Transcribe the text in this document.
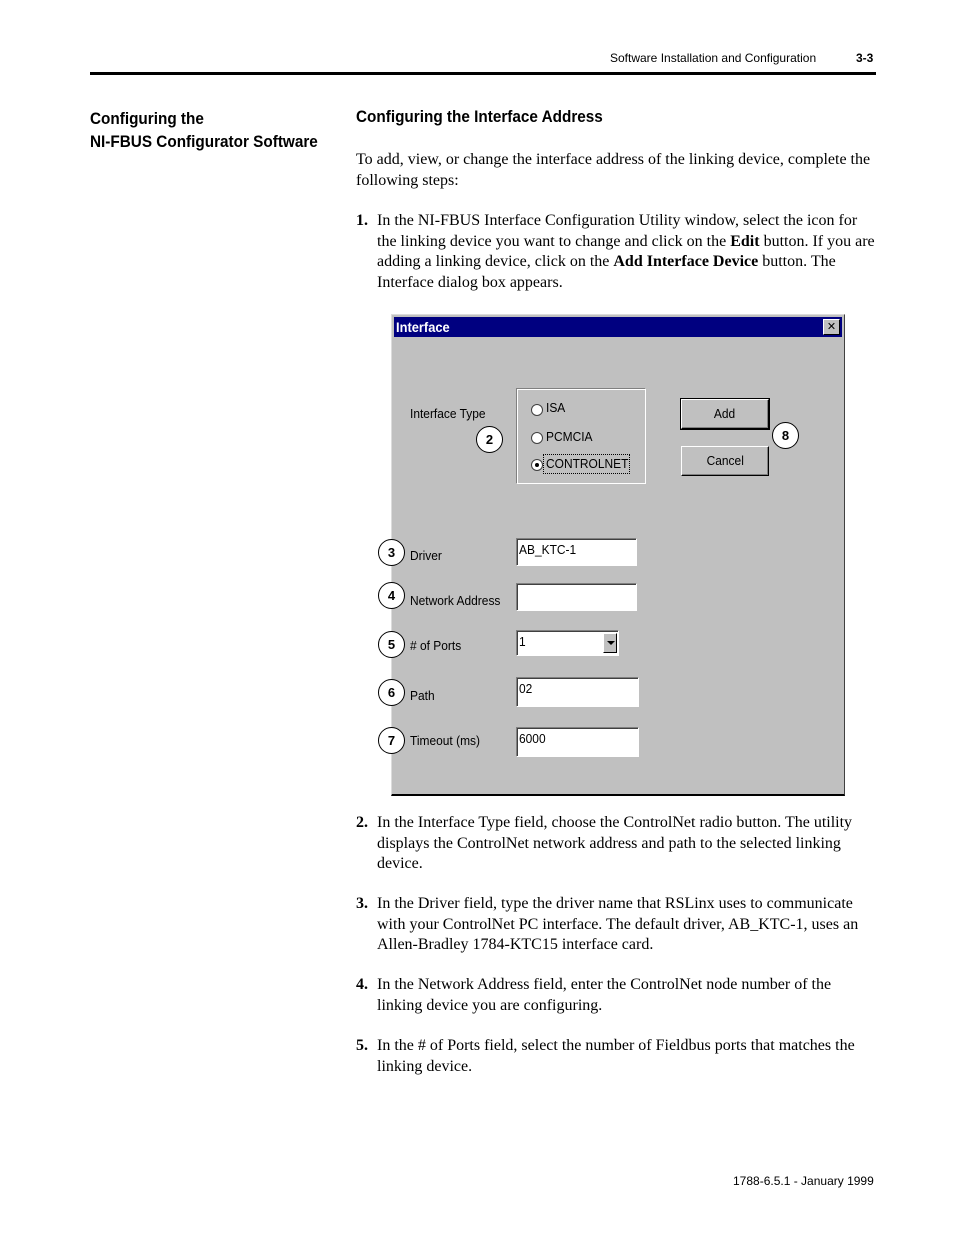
Software Installation and Configuration	3-3
Configuring the
NI-FBUS Configurator Software
Configuring the Interface Address
To add, view, or change the interface address of the linking device, complete the following steps:
1. In the NI-FBUS Interface Configuration Utility window, select the icon for the linking device you want to change and click on the Edit button. If you are adding a linking device, click on the Add Interface Device button. The Interface dialog box appears.
Interface	✕
Interface Type	ISA
PCMCIA
CONTROLNET
Add
Cancel
Driver	AB_KTC-1
Network Address
# of Ports	1
Path	02
Timeout (ms)	6000
2
3
4
5
6
7
8
2. In the Interface Type field, choose the ControlNet radio button. The utility displays the ControlNet network address and path to the selected linking device.
3. In the Driver field, type the driver name that RSLinx uses to communicate with your ControlNet PC interface. The default driver, AB_KTC-1, uses an Allen-Bradley 1784-KTC15 interface card.
4. In the Network Address field, enter the ControlNet node number of the linking device you are configuring.
5. In the # of Ports field, select the number of Fieldbus ports that matches the linking device.
1788-6.5.1 - January 1999
